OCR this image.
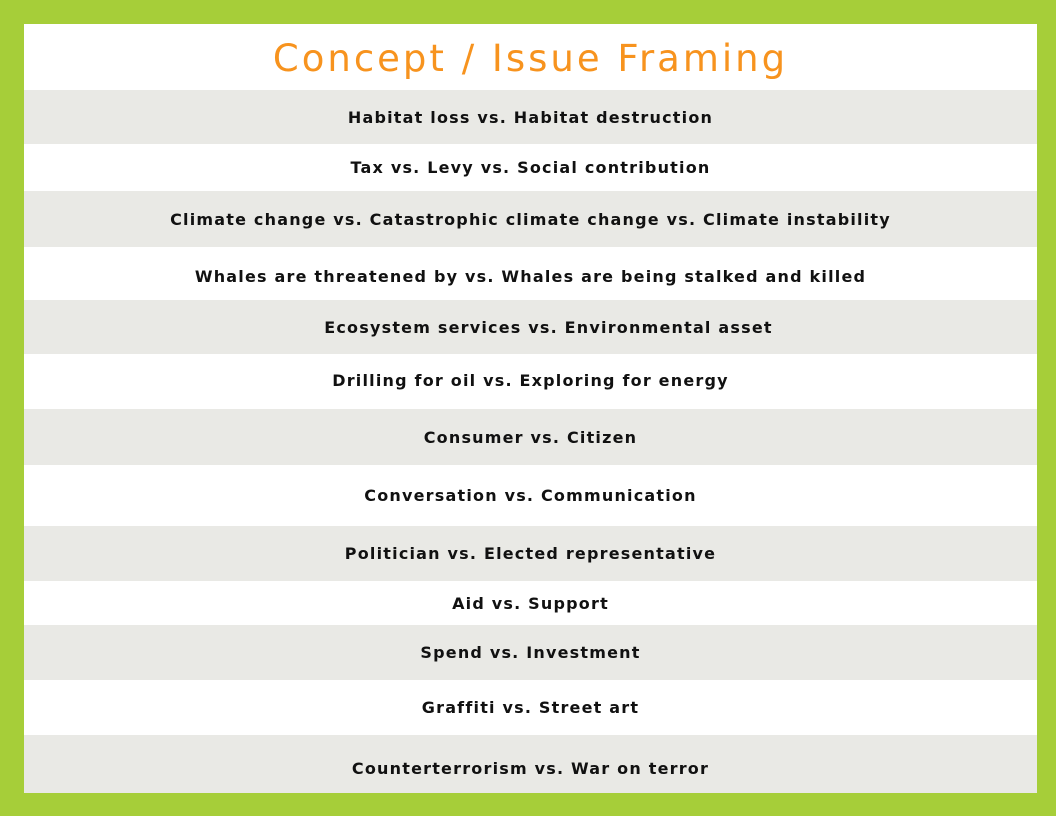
Concept / Issue Framing
Habitat loss vs. Habitat destruction
Tax vs. Levy vs. Social contribution
Climate change vs. Catastrophic climate change vs. Climate instability
Whales are threatened by vs. Whales are being stalked and killed
Ecosystem services vs. Environmental asset
Drilling for oil vs. Exploring for energy
Consumer vs. Citizen
Conversation vs. Communication
Politician vs. Elected representative
Aid vs. Support
Spend vs. Investment
Graffiti vs. Street art
Counterterrorism vs. War on terror
